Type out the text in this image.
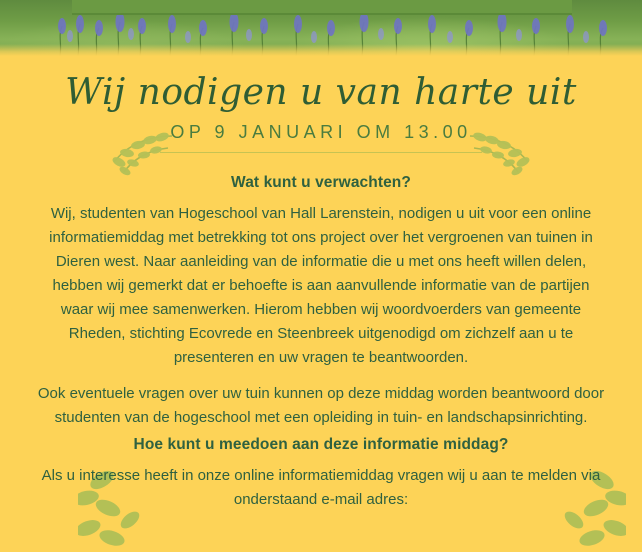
Wij nodigen u van harte uit
OP 9 JANUARI OM 13.00
Wat kunt u verwachten?

Wij, studenten van Hogeschool van Hall Larenstein, nodigen u uit voor een online informatiemiddag met betrekking tot ons project over het vergroenen van tuinen in Dieren west. Naar aanleiding van de informatie die u met ons heeft willen delen, hebben wij gemerkt dat er behoefte is aan aanvullende informatie van de partijen waar wij mee samenwerken. Hierom hebben wij woordvoerders van gemeente Rheden, stichting Ecovrede en Steenbreek uitgenodigd om zichzelf aan u te presenteren en uw vragen te beantwoorden.

Ook eventuele vragen over uw tuin kunnen op deze middag worden beantwoord door studenten van de hogeschool met een opleiding in tuin- en landschapsinrichting.

Hoe kunt u meedoen aan deze informatie middag?

Als u interesse heeft in onze online informatiemiddag vragen wij u aan te melden via onderstaand e-mail adres:
